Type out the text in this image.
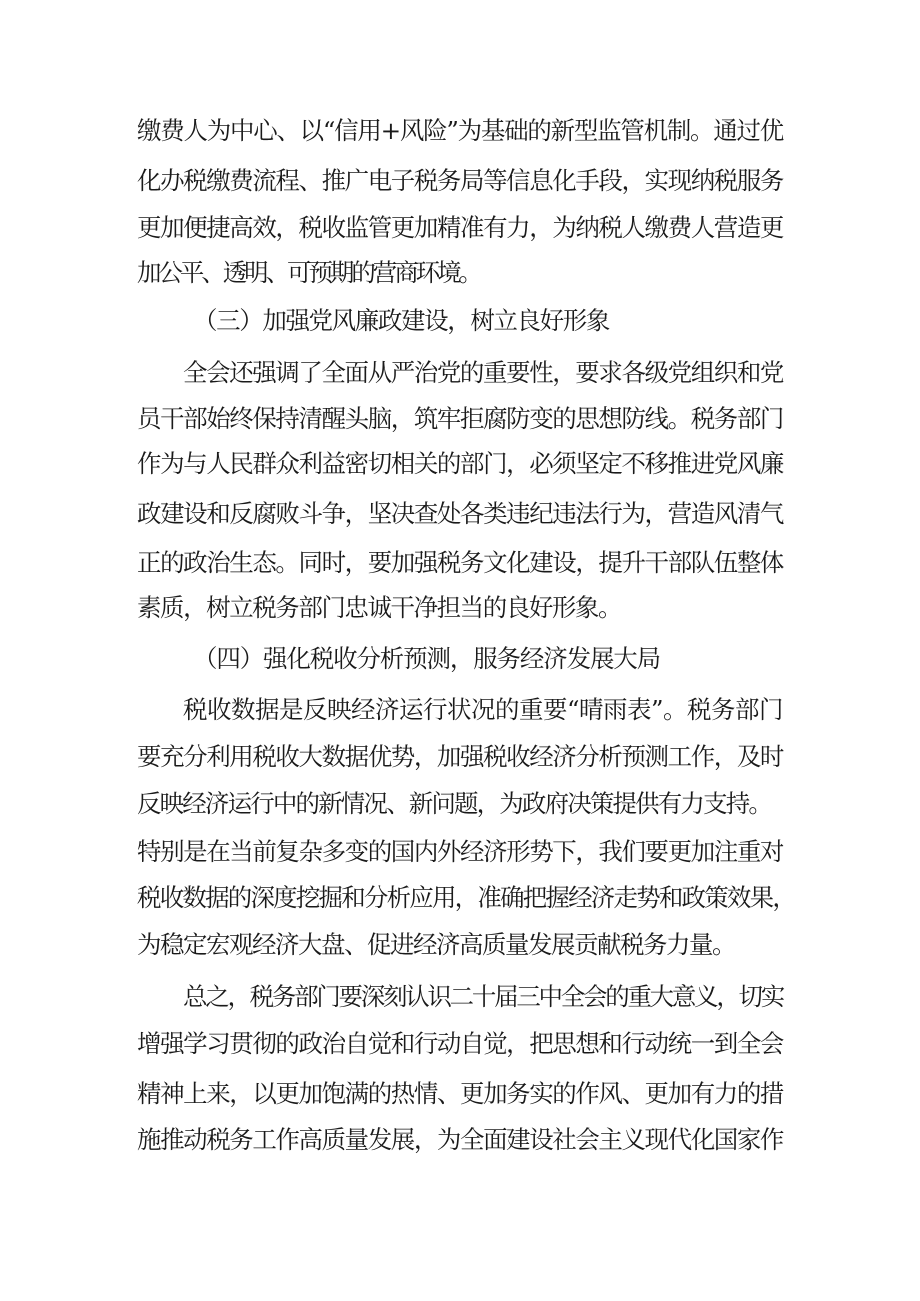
缴费人为中心、以“信用+风险”为基础的新型监管机制。通过优
化办税缴费流程、推广电子税务局等信息化手段，实现纳税服务
更加便捷高效，税收监管更加精准有力，为纳税人缴费人营造更
加公平、透明、可预期的营商环境。
（三）加强党风廉政建设，树立良好形象
全会还强调了全面从严治党的重要性，要求各级党组织和党
员干部始终保持清醒头脑，筑牢拒腐防变的思想防线。税务部门
作为与人民群众利益密切相关的部门，必须坚定不移推进党风廉
政建设和反腐败斗争，坚决查处各类违纪违法行为，营造风清气
正的政治生态。同时，要加强税务文化建设，提升干部队伍整体
素质，树立税务部门忠诚干净担当的良好形象。
（四）强化税收分析预测，服务经济发展大局
税收数据是反映经济运行状况的重要“晴雨表”。税务部门
要充分利用税收大数据优势，加强税收经济分析预测工作，及时
反映经济运行中的新情况、新问题，为政府决策提供有力支持。
特别是在当前复杂多变的国内外经济形势下，我们要更加注重对
税收数据的深度挖掘和分析应用，准确把握经济走势和政策效果，
为稳定宏观经济大盘、促进经济高质量发展贡献税务力量。
总之，税务部门要深刻认识二十届三中全会的重大意义，切实
增强学习贯彻的政治自觉和行动自觉，把思想和行动统一到全会
精神上来，以更加饱满的热情、更加务实的作风、更加有力的措
施推动税务工作高质量发展，为全面建设社会主义现代化国家作
